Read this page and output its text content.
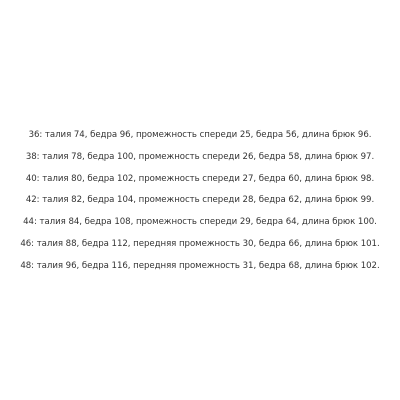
36: талия 74, бедра 96, промежность спереди 25, бедра 56, длина брюк 96.
38: талия 78, бедра 100, промежность спереди 26, бедра 58, длина брюк 97.
40: талия 80, бедра 102, промежность спереди 27, бедра 60, длина брюк 98.
42: талия 82, бедра 104, промежность спереди 28, бедра 62, длина брюк 99.
44: талия 84, бедра 108, промежность спереди 29, бедра 64, длина брюк 100.
46: талия 88, бедра 112, передняя промежность 30, бедра 66, длина брюк 101.
48: талия 96, бедра 116, передняя промежность 31, бедра 68, длина брюк 102.
